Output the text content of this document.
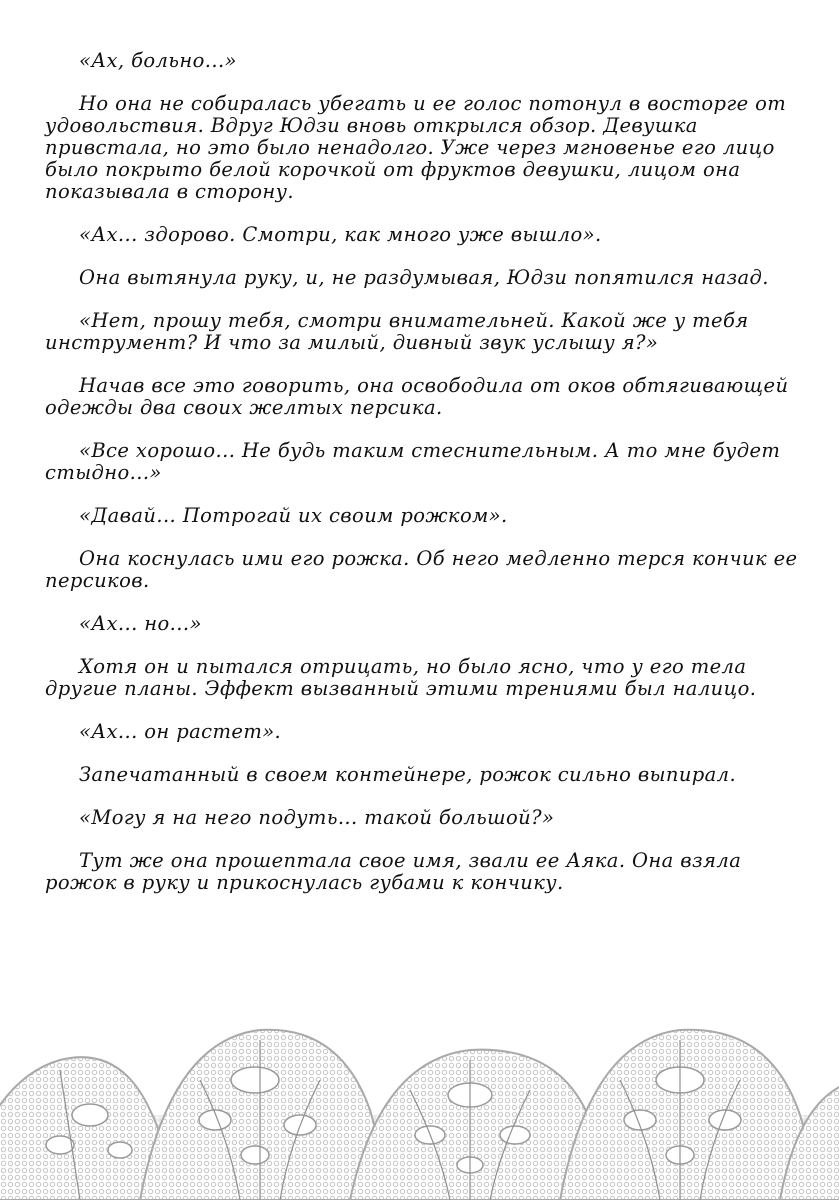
«Ах, больно...»

Но она не собиралась убегать и ее голос потонул в восторге от удовольствия. Вдруг Юдзи вновь открылся обзор. Девушка привстала, но это было ненадолго. Уже через мгновенье его лицо было покрыто белой корочкой от фруктов девушки, лицом она показывала в сторону.

«Ах... здорово. Смотри, как много уже вышло».

Она вытянула руку, и, не раздумывая, Юдзи попятился назад.

«Нет, прошу тебя, смотри внимательней. Какой же у тебя инструмент? И что за милый, дивный звук услышу я?»

Начав все это говорить, она освободила от оков обтягивающей одежды два своих желтых персика.

«Все хорошо... Не будь таким стеснительным. А то мне будет стыдно...»

«Давай... Потрогай их своим рожком».

Она коснулась ими его рожка. Об него медленно терся кончик ее персиков.

«Ах... но...»

Хотя он и пытался отрицать, но было ясно, что у его тела другие планы. Эффект вызванный этими трениями был налицо.

«Ах... он растет».

Запечатанный в своем контейнере, рожок сильно выпирал.

«Могу я на него подуть... такой большой?»

Тут же она прошептала свое имя, звали ее Аяка. Она взяла рожок в руку и прикоснулась губами к кончику.
